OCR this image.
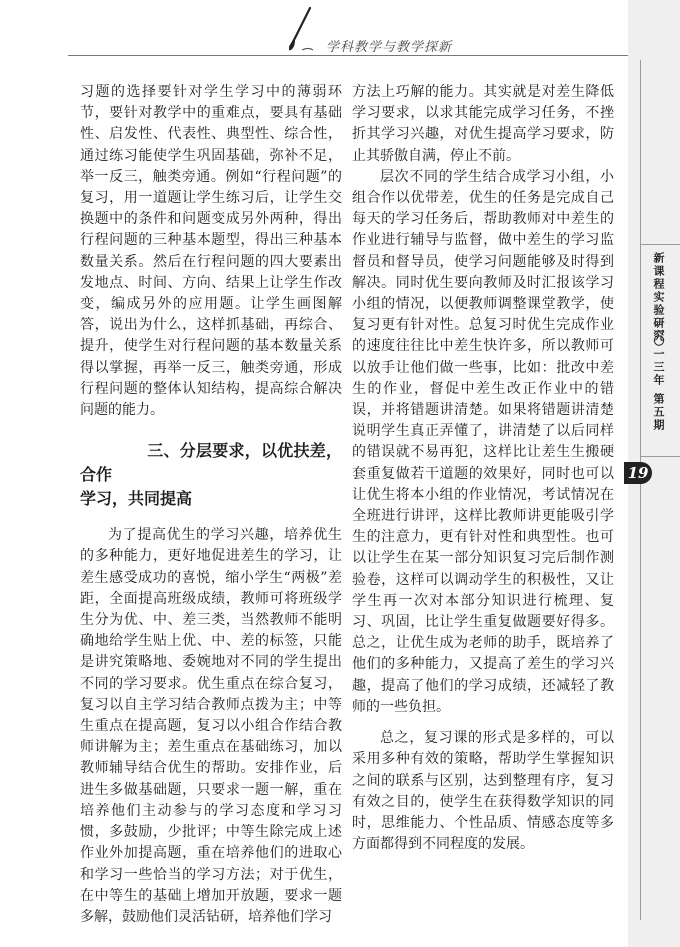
学科教学与教学探新

习题的选择要针对学生学习中的薄弱环节，要针对教学中的重难点，要具有基础性、启发性、代表性、典型性、综合性，通过练习能使学生巩固基础，弥补不足，举一反三，触类旁通。例如“行程问题”的复习，用一道题让学生练习后，让学生交换题中的条件和问题变成另外两种，得出行程问题的三种基本题型，得出三种基本数量关系。然后在行程问题的四大要素出发地点、时间、方向、结果上让学生作改变，编成另外的应用题。让学生画图解答，说出为什么，这样抓基础，再综合、提升，使学生对行程问题的基本数量关系得以掌握，再举一反三，触类旁通，形成行程问题的整体认知结构，提高综合解决问题的能力。

三、分层要求，以优扶差，合作
学习，共同提高

为了提高优生的学习兴趣，培养优生的多种能力，更好地促进差生的学习，让差生感受成功的喜悦，缩小学生“两极”差距，全面提高班级成绩，教师可将班级学生分为优、中、差三类，当然教师不能明确地给学生贴上优、中、差的标签，只能是讲究策略地、委婉地对不同的学生提出不同的学习要求。优生重点在综合复习，复习以自主学习结合教师点拨为主；中等生重点在提高题，复习以小组合作结合教师讲解为主；差生重点在基础练习，加以教师辅导结合优生的帮助。安排作业，后进生多做基础题，只要求一题一解，重在培养他们主动参与的学习态度和学习习惯，多鼓励，少批评；中等生除完成上述作业外加提高题，重在培养他们的进取心和学习一些恰当的学习方法；对于优生，在中等生的基础上增加开放题，要求一题多解，鼓励他们灵活钻研，培养他们学习

方法上巧解的能力。其实就是对差生降低学习要求，以求其能完成学习任务，不挫折其学习兴趣，对优生提高学习要求，防止其骄傲自满，停止不前。

层次不同的学生结合成学习小组，小组合作以优带差，优生的任务是完成自己每天的学习任务后，帮助教师对中差生的作业进行辅导与监督，做中差生的学习监督员和督导员，使学习问题能够及时得到解决。同时优生要向教师及时汇报该学习小组的情况，以便教师调整课堂教学，使复习更有针对性。总复习时优生完成作业的速度往往比中差生快许多，所以教师可以放手让他们做一些事，比如：批改中差生的作业，督促中差生改正作业中的错误，并将错题讲清楚。如果将错题讲清楚说明学生真正弄懂了，讲清楚了以后同样的错误就不易再犯，这样比让差生生搬硬套重复做若干道题的效果好，同时也可以让优生将本小组的作业情况，考试情况在全班进行讲评，这样比教师讲更能吸引学生的注意力，更有针对性和典型性。也可以让学生在某一部分知识复习完后制作测验卷，这样可以调动学生的积极性，又让学生再一次对本部分知识进行梳理、复习、巩固，比让学生重复做题要好得多。总之，让优生成为老师的助手，既培养了他们的多种能力，又提高了差生的学习兴趣，提高了他们的学习成绩，还减轻了教师的一些负担。

总之，复习课的形式是多样的，可以采用多种有效的策略，帮助学生掌握知识之间的联系与区别，达到整理有序，复习有效之目的，使学生在获得数学知识的同时，思维能力、个性品质、情感态度等多方面都得到不同程度的发展。

新课程实验研究
二〇一三年 第五期
19
